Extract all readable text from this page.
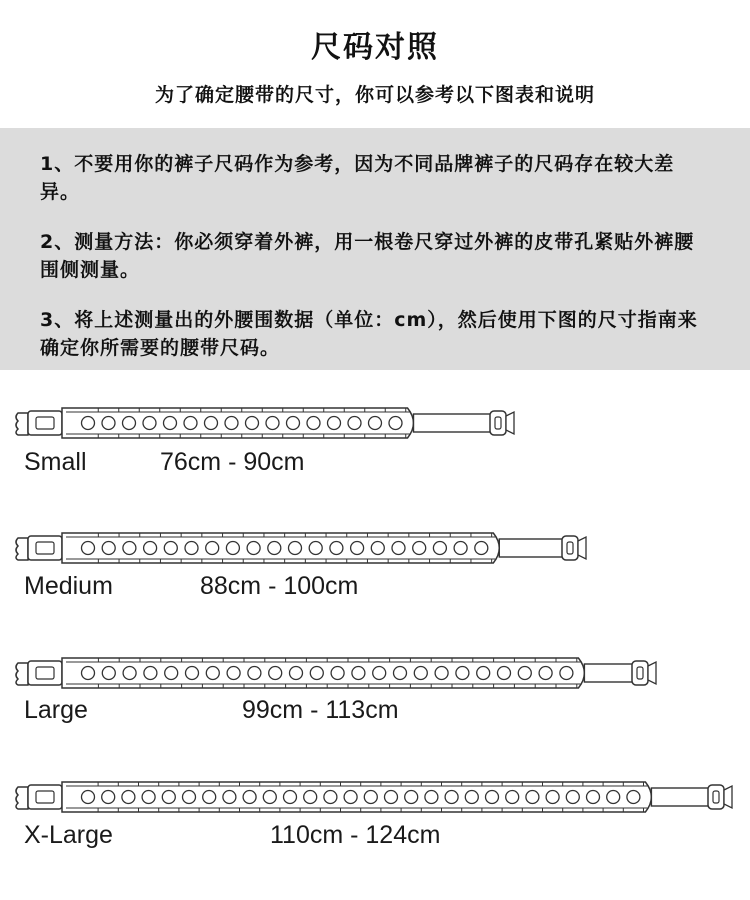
尺码对照
为了确定腰带的尺寸，你可以参考以下图表和说明

1、不要用你的裤子尺码作为参考，因为不同品牌裤子的尺码存在较大差异。

2、测量方法：你必须穿着外裤，用一根卷尺穿过外裤的皮带孔紧贴外裤腰围侧测量。

3、将上述测量出的外腰围数据（单位：cm），然后使用下图的尺寸指南来确定你所需要的腰带尺码。

Small	76cm - 90cm
Medium	88cm - 100cm
Large	99cm - 113cm
X-Large	110cm - 124cm
